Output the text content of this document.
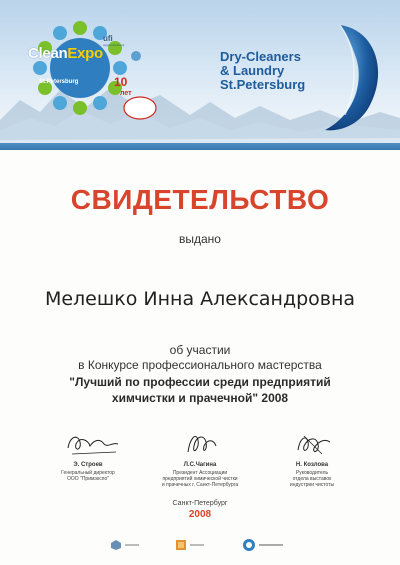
CleanExpo
St.Petersburg
ufi
Approved Event
10
лет
Dry-Cleaners
& Laundry
St.Petersburg
СВИДЕТЕЛЬСТВО
выдано
Мелешко Инна Александровна
об участии
в Конкурсе профессионального мастерства
"Лучший по профессии среди предприятий
химчистки и прачечной" 2008
Э. Строев
Генеральный директор
ООО "Примэкспо"
Л.С.Чагина
Президент Ассоциации
предприятий химической чистки
и прачечных г. Санкт-Петербурга
Н. Козлова
Руководитель
отдела выставок
индустрии чистоты
Санкт-Петербург
2008
